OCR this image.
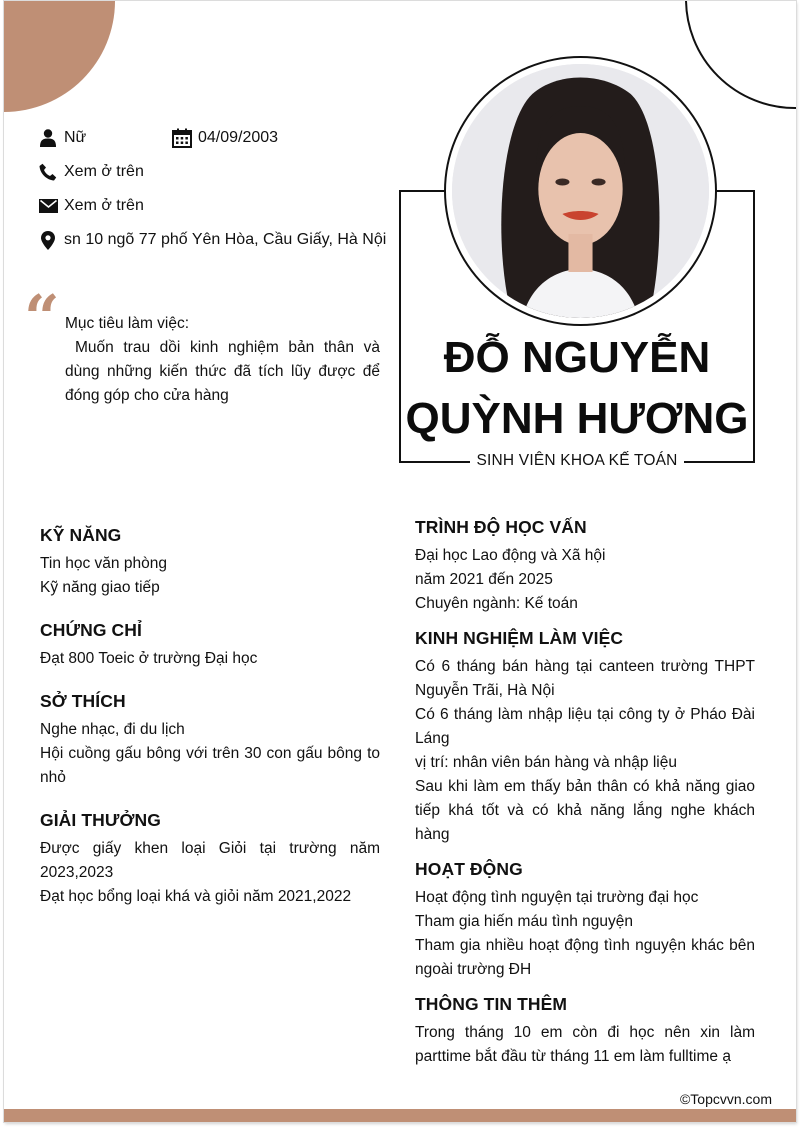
Nữ	04/09/2003
Xem ở trên
Xem ở trên
sn 10 ngõ 77 phố Yên Hòa, Cầu Giấy, Hà Nội
“ Mục tiêu làm việc:
Muốn trau dồi kinh nghiệm bản thân và dùng những kiến thức đã tích lũy được để đóng góp cho cửa hàng
ĐỖ NGUYỄN
QUỲNH HƯƠNG
SINH VIÊN KHOA KẾ TOÁN
KỸ NĂNG
Tin học văn phòng
Kỹ năng giao tiếp
CHỨNG CHỈ
Đạt 800 Toeic ở trường Đại học
SỞ THÍCH
Nghe nhạc, đi du lịch
Hội cuồng gấu bông với trên 30 con gấu bông to nhỏ
GIẢI THƯỞNG
Được giấy khen loại Giỏi tại trường năm 2023,2023
Đạt học bổng loại khá và giỏi năm 2021,2022
TRÌNH ĐỘ HỌC VẤN
Đại học Lao động và Xã hội
năm 2021 đến 2025
Chuyên ngành: Kế toán
KINH NGHIỆM LÀM VIỆC
Có 6 tháng bán hàng tại canteen trường THPT Nguyễn Trãi, Hà Nội
Có 6 tháng làm nhập liệu tại công ty ở Pháo Đài Láng
vị trí: nhân viên bán hàng và nhập liệu
Sau khi làm em thấy bản thân có khả năng giao tiếp khá tốt và có khả năng lắng nghe khách hàng
HOẠT ĐỘNG
Hoạt động tình nguyện tại trường đại học
Tham gia hiến máu tình nguyện
Tham gia nhiều hoạt động tình nguyện khác bên ngoài trường ĐH
THÔNG TIN THÊM
Trong tháng 10 em còn đi học nên xin làm parttime bắt đầu từ tháng 11 em làm fulltime ạ
©Topcvvn.com
